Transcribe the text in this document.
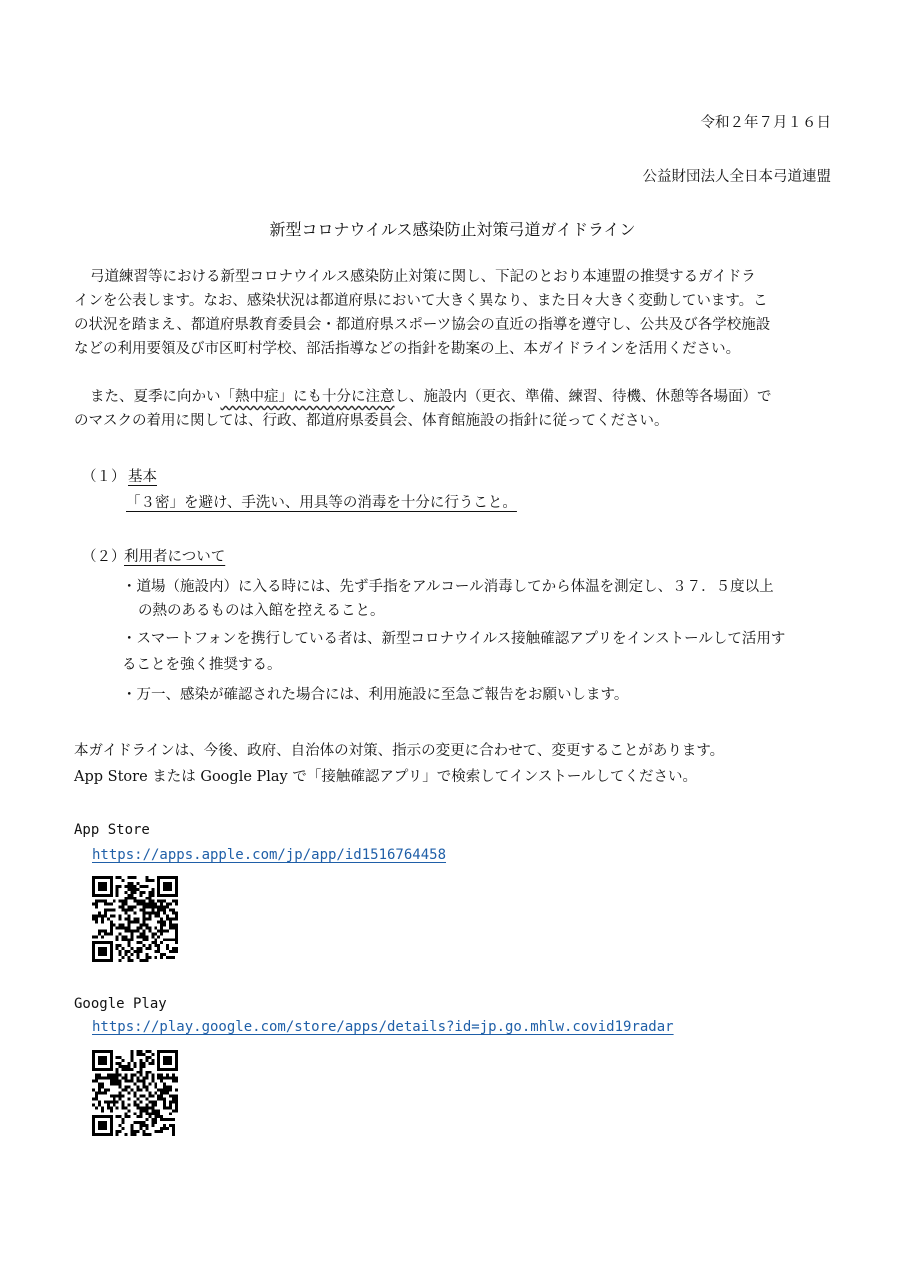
令和２年７月１６日
公益財団法人全日本弓道連盟
新型コロナウイルス感染防止対策弓道ガイドライン
弓道練習等における新型コロナウイルス感染防止対策に関し、下記のとおり本連盟の推奨するガイドラ
インを公表します。なお、感染状況は都道府県において大きく異なり、また日々大きく変動しています。こ
の状況を踏まえ、都道府県教育委員会・都道府県スポーツ協会の直近の指導を遵守し、公共及び各学校施設
などの利用要領及び市区町村学校、部活指導などの指針を勘案の上、本ガイドラインを活用ください。
また、夏季に向かい「熱中症」にも十分に注意し、施設内（更衣、準備、練習、待機、休憩等各場面）で
のマスクの着用に関しては、行政、都道府県委員会、体育館施設の指針に従ってください。
（１） 基本
「３密」を避け、手洗い、用具等の消毒を十分に行うこと。
（２）
利用者について
・道場（施設内）に入る時には、先ず手指をアルコール消毒してから体温を測定し、３７．５度以上
の熱のあるものは入館を控えること。
・スマートフォンを携行している者は、新型コロナウイルス接触確認アプリをインストールして活用す
ることを強く推奨する。
・万一、感染が確認された場合には、利用施設に至急ご報告をお願いします。
本ガイドラインは、今後、政府、自治体の対策、指示の変更に合わせて、変更することがあります。
App Store または Google Play で「接触確認アプリ」で検索してインストールしてください。
App Store
https://apps.apple.com/jp/app/id1516764458
Google Play
https://play.google.com/store/apps/details?id=jp.go.mhlw.covid19radar
